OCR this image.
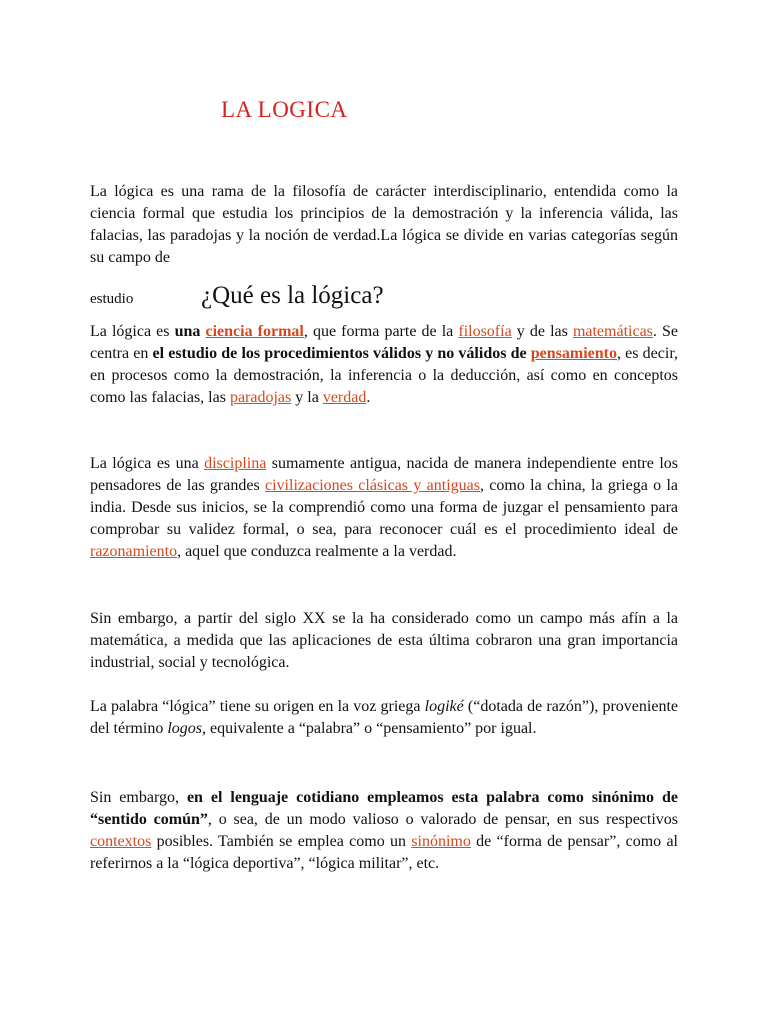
LA LOGICA

La lógica es una rama de la filosofía de carácter interdisciplinario, entendida como la ciencia formal que estudia los principios de la demostración y la inferencia válida, las falacias, las paradojas y la noción de verdad.La lógica se divide en varias categorías según su campo de

estudio	¿Qué es la lógica?

La lógica es una ciencia formal, que forma parte de la filosofía y de las matemáticas. Se centra en el estudio de los procedimientos válidos y no válidos de pensamiento, es decir, en procesos como la demostración, la inferencia o la deducción, así como en conceptos como las falacias, las paradojas y la verdad.

La lógica es una disciplina sumamente antigua, nacida de manera independiente entre los pensadores de las grandes civilizaciones clásicas y antiguas, como la china, la griega o la india. Desde sus inicios, se la comprendió como una forma de juzgar el pensamiento para comprobar su validez formal, o sea, para reconocer cuál es el procedimiento ideal de razonamiento, aquel que conduzca realmente a la verdad.

Sin embargo, a partir del siglo XX se la ha considerado como un campo más afín a la matemática, a medida que las aplicaciones de esta última cobraron una gran importancia industrial, social y tecnológica.

La palabra “lógica” tiene su origen en la voz griega logiké (“dotada de razón”), proveniente del término logos, equivalente a “palabra” o “pensamiento” por igual.

Sin embargo, en el lenguaje cotidiano empleamos esta palabra como sinónimo de “sentido común”, o sea, de un modo valioso o valorado de pensar, en sus respectivos contextos posibles. También se emplea como un sinónimo de “forma de pensar”, como al referirnos a la “lógica deportiva”, “lógica militar”, etc.
